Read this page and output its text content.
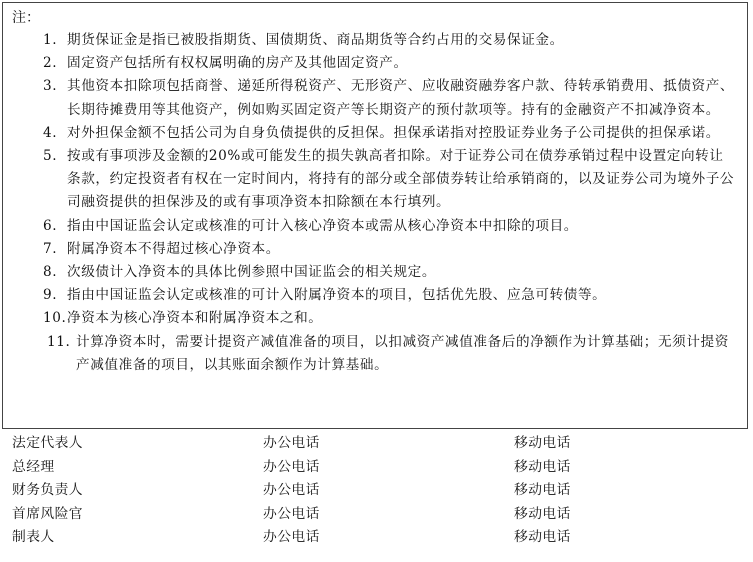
注：
1. 期货保证金是指已被股指期货、国债期货、商品期货等合约占用的交易保证金。
2. 固定资产包括所有权权属明确的房产及其他固定资产。
3. 其他资本扣除项包括商誉、递延所得税资产、无形资产、应收融资融券客户款、待转承销费用、抵债资产、长期待摊费用等其他资产，例如购买固定资产等长期资产的预付款项等。持有的金融资产不扣减净资本。
4. 对外担保金额不包括公司为自身负债提供的反担保。担保承诺指对控股证券业务子公司提供的担保承诺。
5. 按或有事项涉及金额的20%或可能发生的损失孰高者扣除。对于证券公司在债券承销过程中设置定向转让条款，约定投资者有权在一定时间内，将持有的部分或全部债券转让给承销商的，以及证券公司为境外子公司融资提供的担保涉及的或有事项净资本扣除额在本行填列。
6. 指由中国证监会认定或核准的可计入核心净资本或需从核心净资本中扣除的项目。
7. 附属净资本不得超过核心净资本。
8. 次级债计入净资本的具体比例参照中国证监会的相关规定。
9. 指由中国证监会认定或核准的可计入附属净资本的项目，包括优先股、应急可转债等。
10. 净资本为核心净资本和附属净资本之和。
11. 计算净资本时，需要计提资产减值准备的项目，以扣减资产减值准备后的净额作为计算基础；无须计提资产减值准备的项目，以其账面余额作为计算基础。
法定代表人	办公电话	移动电话
总经理	办公电话	移动电话
财务负责人	办公电话	移动电话
首席风险官	办公电话	移动电话
制表人	办公电话	移动电话
